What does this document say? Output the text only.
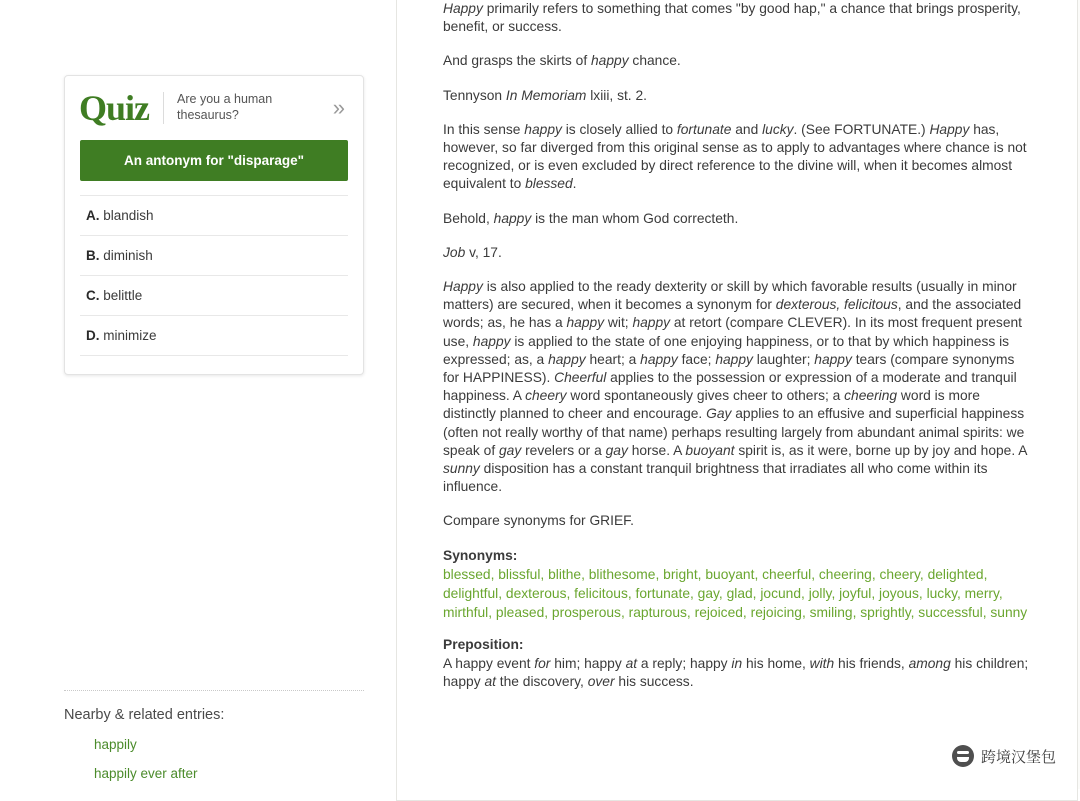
Quiz	Are you a human thesaurus?	»
An antonym for "disparage"
A. blandish
B. diminish
C. belittle
D. minimize
Nearby & related entries:
happily
happily ever after

Happy primarily refers to something that comes "by good hap," a chance that brings prosperity, benefit, or success.

And grasps the skirts of happy chance.

Tennyson In Memoriam lxiii, st. 2.

In this sense happy is closely allied to fortunate and lucky. (See FORTUNATE.) Happy has, however, so far diverged from this original sense as to apply to advantages where chance is not recognized, or is even excluded by direct reference to the divine will, when it becomes almost equivalent to blessed.

Behold, happy is the man whom God correcteth.

Job v, 17.

Happy is also applied to the ready dexterity or skill by which favorable results (usually in minor matters) are secured, when it becomes a synonym for dexterous, felicitous, and the associated words; as, he has a happy wit; happy at retort (compare CLEVER). In its most frequent present use, happy is applied to the state of one enjoying happiness, or to that by which happiness is expressed; as, a happy heart; a happy face; happy laughter; happy tears (compare synonyms for HAPPINESS). Cheerful applies to the possession or expression of a moderate and tranquil happiness. A cheery word spontaneously gives cheer to others; a cheering word is more distinctly planned to cheer and encourage. Gay applies to an effusive and superficial happiness (often not really worthy of that name) perhaps resulting largely from abundant animal spirits: we speak of gay revelers or a gay horse. A buoyant spirit is, as it were, borne up by joy and hope. A sunny disposition has a constant tranquil brightness that irradiates all who come within its influence.

Compare synonyms for GRIEF.

Synonyms:
blessed, blissful, blithe, blithesome, bright, buoyant, cheerful, cheering, cheery, delighted, delightful, dexterous, felicitous, fortunate, gay, glad, jocund, jolly, joyful, joyous, lucky, merry, mirthful, pleased, prosperous, rapturous, rejoiced, rejoicing, smiling, sprightly, successful, sunny

Preposition:
A happy event for him; happy at a reply; happy in his home, with his friends, among his children; happy at the discovery, over his success.

跨境汉堡包
